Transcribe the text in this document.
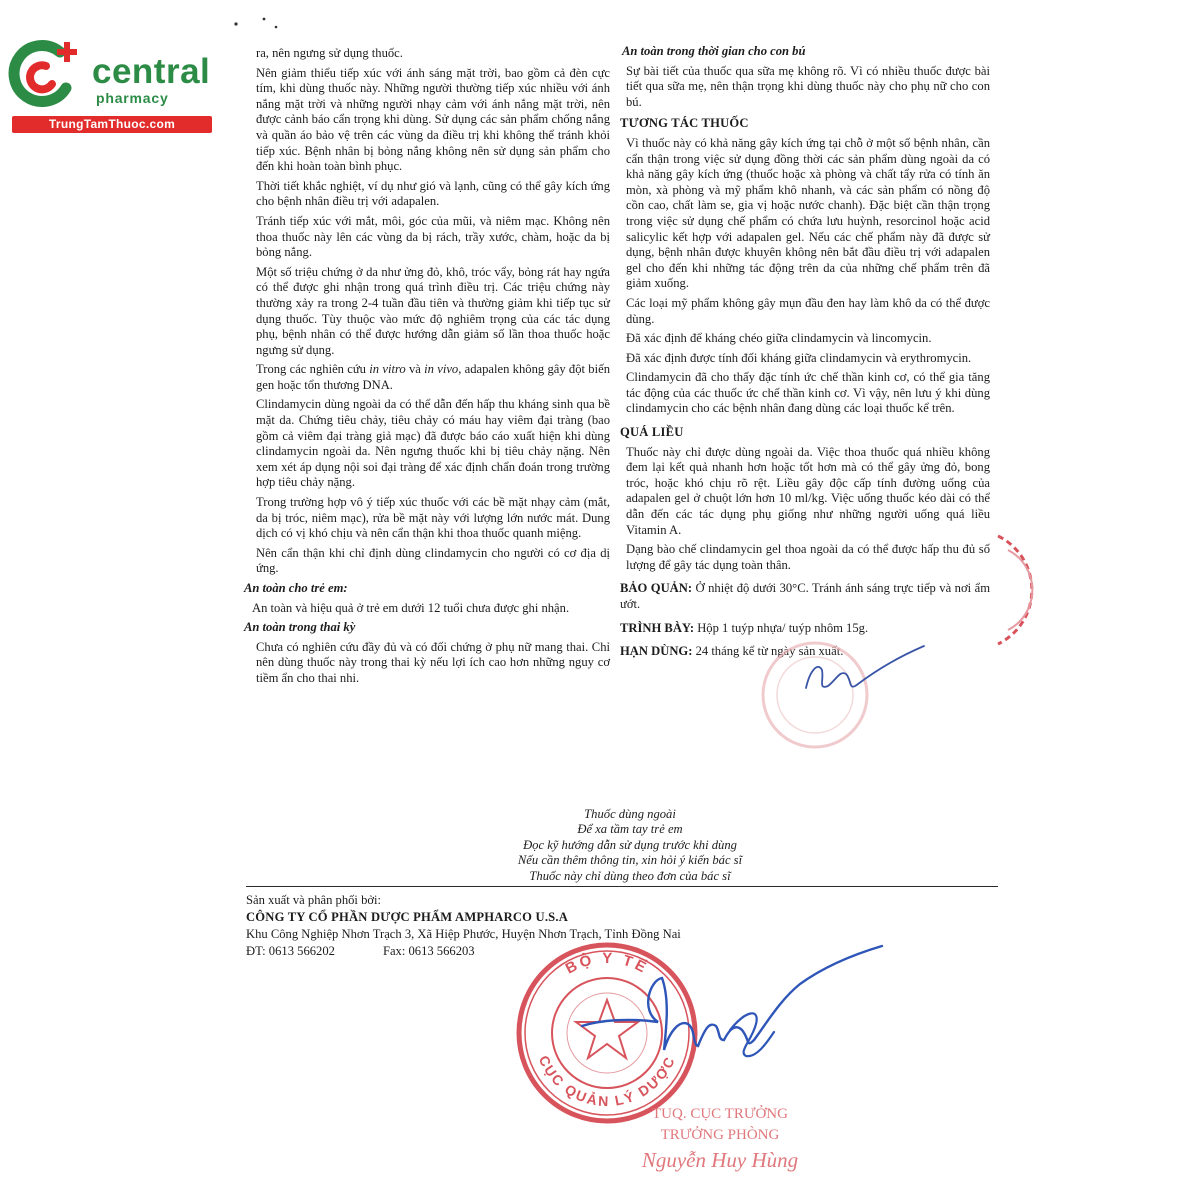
central
pharmacy
TrungTamThuoc.com

ra, nên ngưng sử dụng thuốc.

Nên giảm thiểu tiếp xúc với ánh sáng mặt trời, bao gồm cả đèn cực tím, khi dùng thuốc này. Những người thường tiếp xúc nhiều với ánh nắng mặt trời và những người nhạy cảm với ánh nắng mặt trời, nên được cảnh báo cẩn trọng khi dùng. Sử dụng các sản phẩm chống nắng và quần áo bảo vệ trên các vùng da điều trị khi không thể tránh khỏi tiếp xúc. Bệnh nhân bị bỏng nắng không nên sử dụng sản phẩm cho đến khi hoàn toàn bình phục.

Thời tiết khắc nghiệt, ví dụ như gió và lạnh, cũng có thể gây kích ứng cho bệnh nhân điều trị với adapalen.

Tránh tiếp xúc với mắt, môi, góc của mũi, và niêm mạc. Không nên thoa thuốc này lên các vùng da bị rách, trầy xước, chàm, hoặc da bị bỏng nắng.

Một số triệu chứng ở da như ửng đỏ, khô, tróc vẩy, bỏng rát hay ngứa có thể được ghi nhận trong quá trình điều trị. Các triệu chứng này thường xảy ra trong 2-4 tuần đầu tiên và thường giảm khi tiếp tục sử dụng thuốc. Tùy thuộc vào mức độ nghiêm trọng của các tác dụng phụ, bệnh nhân có thể được hướng dẫn giảm số lần thoa thuốc hoặc ngưng sử dụng.

Trong các nghiên cứu in vitro và in vivo, adapalen không gây đột biến gen hoặc tổn thương DNA.

Clindamycin dùng ngoài da có thể dẫn đến hấp thu kháng sinh qua bề mặt da. Chứng tiêu chảy, tiêu chảy có máu hay viêm đại tràng (bao gồm cả viêm đại tràng giả mạc) đã được báo cáo xuất hiện khi dùng clindamycin ngoài da. Nên ngưng thuốc khi bị tiêu chảy nặng. Nên xem xét áp dụng nội soi đại tràng để xác định chẩn đoán trong trường hợp tiêu chảy nặng.

Trong trường hợp vô ý tiếp xúc thuốc với các bề mặt nhạy cảm (mắt, da bị tróc, niêm mạc), rửa bề mặt này với lượng lớn nước mát. Dung dịch có vị khó chịu và nên cẩn thận khi thoa thuốc quanh miệng.

Nên cẩn thận khi chỉ định dùng clindamycin cho người có cơ địa dị ứng.

An toàn cho trẻ em:

An toàn và hiệu quả ở trẻ em dưới 12 tuổi chưa được ghi nhận.

An toàn trong thai kỳ

Chưa có nghiên cứu đầy đủ và có đối chứng ở phụ nữ mang thai. Chỉ nên dùng thuốc này trong thai kỳ nếu lợi ích cao hơn những nguy cơ tiềm ẩn cho thai nhi.

An toàn trong thời gian cho con bú

Sự bài tiết của thuốc qua sữa mẹ không rõ. Vì có nhiều thuốc được bài tiết qua sữa mẹ, nên thận trọng khi dùng thuốc này cho phụ nữ cho con bú.

TƯƠNG TÁC THUỐC

Vì thuốc này có khả năng gây kích ứng tại chỗ ở một số bệnh nhân, cần cẩn thận trong việc sử dụng đồng thời các sản phẩm dùng ngoài da có khả năng gây kích ứng (thuốc hoặc xà phòng và chất tẩy rửa có tính ăn mòn, xà phòng và mỹ phẩm khô nhanh, và các sản phẩm có nồng độ cồn cao, chất làm se, gia vị hoặc nước chanh). Đặc biệt cần thận trọng trong việc sử dụng chế phẩm có chứa lưu huỳnh, resorcinol hoặc acid salicylic kết hợp với adapalen gel. Nếu các chế phẩm này đã được sử dụng, bệnh nhân được khuyên không nên bắt đầu điều trị với adapalen gel cho đến khi những tác động trên da của những chế phẩm trên đã giảm xuống.

Các loại mỹ phẩm không gây mụn đầu đen hay làm khô da có thể được dùng.

Đã xác định để kháng chéo giữa clindamycin và lincomycin.

Đã xác định được tính đối kháng giữa clindamycin và erythromycin.

Clindamycin đã cho thấy đặc tính ức chế thần kinh cơ, có thể gia tăng tác động của các thuốc ức chế thần kinh cơ. Vì vậy, nên lưu ý khi dùng clindamycin cho các bệnh nhân đang dùng các loại thuốc kể trên.

QUÁ LIỀU

Thuốc này chỉ được dùng ngoài da. Việc thoa thuốc quá nhiều không đem lại kết quả nhanh hơn hoặc tốt hơn mà có thể gây ửng đỏ, bong tróc, hoặc khó chịu rõ rệt. Liều gây độc cấp tính đường uống của adapalen gel ở chuột lớn hơn 10 ml/kg. Việc uống thuốc kéo dài có thể dẫn đến các tác dụng phụ giống như những người uống quá liều Vitamin A.

Dạng bào chế clindamycin gel thoa ngoài da có thể được hấp thu đủ số lượng để gây tác dụng toàn thân.

BẢO QUẢN: Ở nhiệt độ dưới 30°C. Tránh ánh sáng trực tiếp và nơi ẩm ướt.

TRÌNH BÀY: Hộp 1 tuýp nhựa/ tuýp nhôm 15g.

HẠN DÙNG: 24 tháng kể từ ngày sản xuất.

Thuốc dùng ngoài
Để xa tầm tay trẻ em
Đọc kỹ hướng dẫn sử dụng trước khi dùng
Nếu cần thêm thông tin, xin hỏi ý kiến bác sĩ
Thuốc này chỉ dùng theo đơn của bác sĩ
Sản xuất và phân phối bởi:
CÔNG TY CỔ PHẦN DƯỢC PHẨM AMPHARCO U.S.A
Khu Công Nghiệp Nhơn Trạch 3, Xã Hiệp Phước, Huyện Nhơn Trạch, Tỉnh Đồng Nai
ĐT: 0613 566202	Fax: 0613 566203
BỘ Y TẾ
CỤC QUẢN LÝ DƯỢC
TUQ. CỤC TRƯỞNG
TRƯỞNG PHÒNG
Nguyễn Huy Hùng
